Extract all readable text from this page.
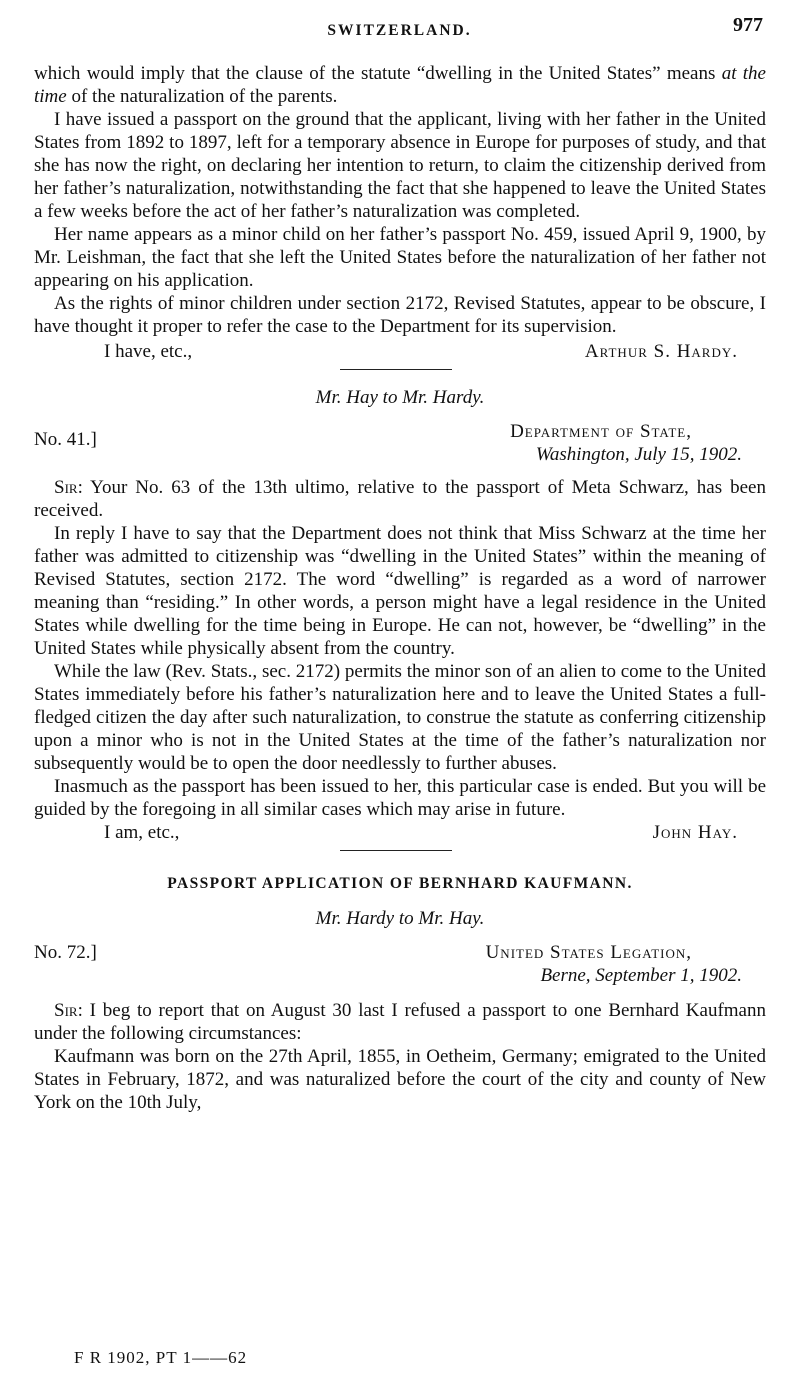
SWITZERLAND.	977

which would imply that the clause of the statute “dwelling in the United States” means at the time of the naturalization of the parents.

I have issued a passport on the ground that the applicant, living with her father in the United States from 1892 to 1897, left for a temporary absence in Europe for purposes of study, and that she has now the right, on declaring her intention to return, to claim the citizenship derived from her father’s naturalization, notwithstanding the fact that she happened to leave the United States a few weeks before the act of her father’s naturalization was completed.

Her name appears as a minor child on her father’s passport No. 459, issued April 9, 1900, by Mr. Leishman, the fact that she left the United States before the naturalization of her father not appearing on his application.

As the rights of minor children under section 2172, Revised Statutes, appear to be obscure, I have thought it proper to refer the case to the Department for its supervision.

I have, etc.,	Arthur S. Hardy.
Mr. Hay to Mr. Hardy.
No. 41.]	Department of State,
Washington, July 15, 1902.

Sir: Your No. 63 of the 13th ultimo, relative to the passport of Meta Schwarz, has been received.

In reply I have to say that the Department does not think that Miss Schwarz at the time her father was admitted to citizenship was “dwelling in the United States” within the meaning of Revised Statutes, section 2172. The word “dwelling” is regarded as a word of narrower meaning than “residing.” In other words, a person might have a legal residence in the United States while dwelling for the time being in Europe. He can not, however, be “dwelling” in the United States while physically absent from the country.

While the law (Rev. Stats., sec. 2172) permits the minor son of an alien to come to the United States immediately before his father’s naturalization here and to leave the United States a full-fledged citizen the day after such naturalization, to construe the statute as conferring citizenship upon a minor who is not in the United States at the time of the father’s naturalization nor subsequently would be to open the door needlessly to further abuses.

Inasmuch as the passport has been issued to her, this particular case is ended. But you will be guided by the foregoing in all similar cases which may arise in future.

I am, etc.,	John Hay.
PASSPORT APPLICATION OF BERNHARD KAUFMANN.
Mr. Hardy to Mr. Hay.
No. 72.]	United States Legation,
Berne, September 1, 1902.

Sir: I beg to report that on August 30 last I refused a passport to one Bernhard Kaufmann under the following circumstances:

Kaufmann was born on the 27th April, 1855, in Oetheim, Germany; emigrated to the United States in February, 1872, and was naturalized before the court of the city and county of New York on the 10th July,

F R 1902, PT 1——62
